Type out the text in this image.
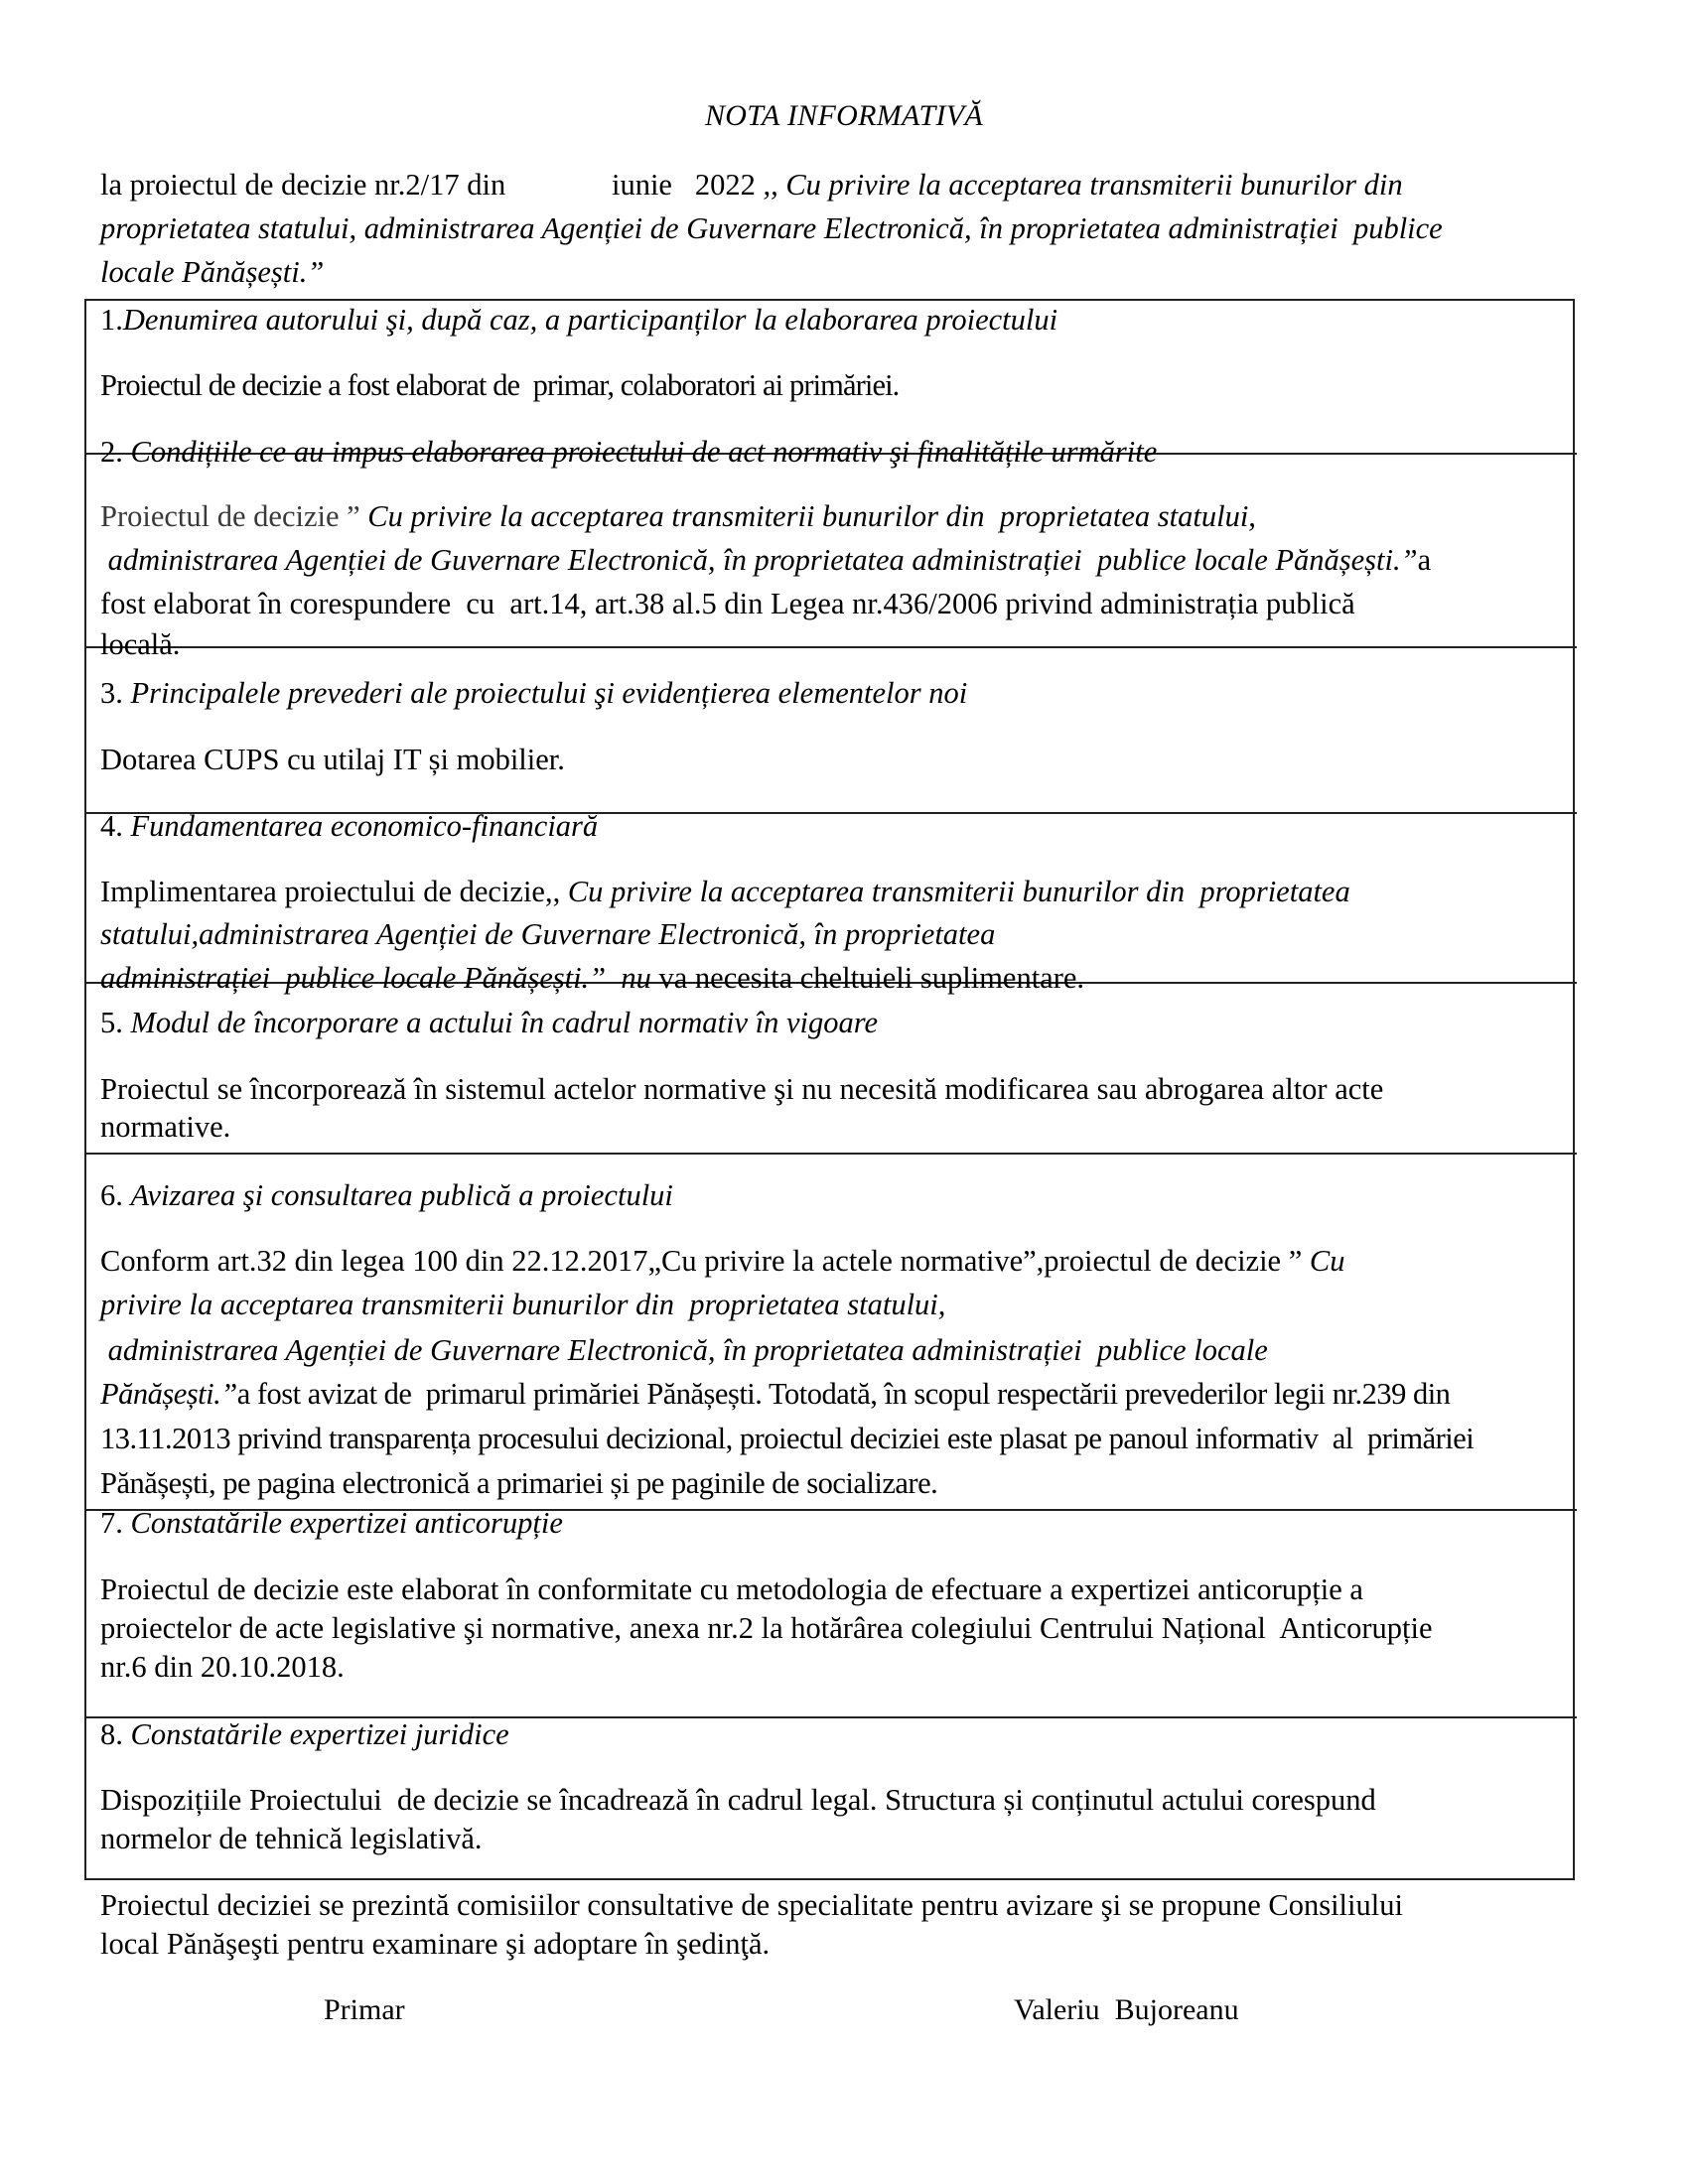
NOTA INFORMATIVĂ
la proiectul de decizie nr.2/17 din              iunie   2022 ,, Cu privire la acceptarea transmiterii bunurilor din
proprietatea statului, administrarea Agenției de Guvernare Electronică, în proprietatea administrației  publice
locale Pănășești.”
1.Denumirea autorului şi, după caz, a participanților la elaborarea proiectului
Proiectul de decizie a fost elaborat de  primar, colaboratori ai primăriei.
2. Condițiile ce au impus elaborarea proiectului de act normativ şi finalitățile urmărite
Proiectul de decizie ” Cu privire la acceptarea transmiterii bunurilor din  proprietatea statului,
administrarea Agenției de Guvernare Electronică, în proprietatea administrației  publice locale Pănășești.”a
fost elaborat în corespundere  cu  art.14, art.38 al.5 din Legea nr.436/2006 privind administrația publică
locală.
3. Principalele prevederi ale proiectului şi evidențierea elementelor noi
Dotarea CUPS cu utilaj IT și mobilier.
4. Fundamentarea economico-financiară
Implimentarea proiectului de decizie,, Cu privire la acceptarea transmiterii bunurilor din  proprietatea
statului,administrarea Agenției de Guvernare Electronică, în proprietatea
administrației  publice locale Pănășești.”  nu va necesita cheltuieli suplimentare.
5. Modul de încorporare a actului în cadrul normativ în vigoare
Proiectul se încorporează în sistemul actelor normative şi nu necesită modificarea sau abrogarea altor acte
normative.
6. Avizarea şi consultarea publică a proiectului
Conform art.32 din legea 100 din 22.12.2017„Cu privire la actele normative”,proiectul de decizie ” Cu
privire la acceptarea transmiterii bunurilor din  proprietatea statului,
administrarea Agenției de Guvernare Electronică, în proprietatea administrației  publice locale
Pănășești.”a fost avizat de  primarul primăriei Pănășești. Totodată, în scopul respectării prevederilor legii nr.239 din
13.11.2013 privind transparența procesului decizional, proiectul deciziei este plasat pe panoul informativ  al  primăriei
Pănășești, pe pagina electronică a primariei și pe paginile de socializare.
7. Constatările expertizei anticorupție
Proiectul de decizie este elaborat în conformitate cu metodologia de efectuare a expertizei anticorupție a
proiectelor de acte legislative şi normative, anexa nr.2 la hotărârea colegiului Centrului Național  Anticorupție
nr.6 din 20.10.2018.
8. Constatările expertizei juridice
Dispozițiile Proiectului  de decizie se încadrează în cadrul legal. Structura și conținutul actului corespund
normelor de tehnică legislativă.
Proiectul deciziei se prezintă comisiilor consultative de specialitate pentru avizare şi se propune Consiliului
local Pănăşeşti pentru examinare şi adoptare în şedinţă.
Primar	Valeriu  Bujoreanu
